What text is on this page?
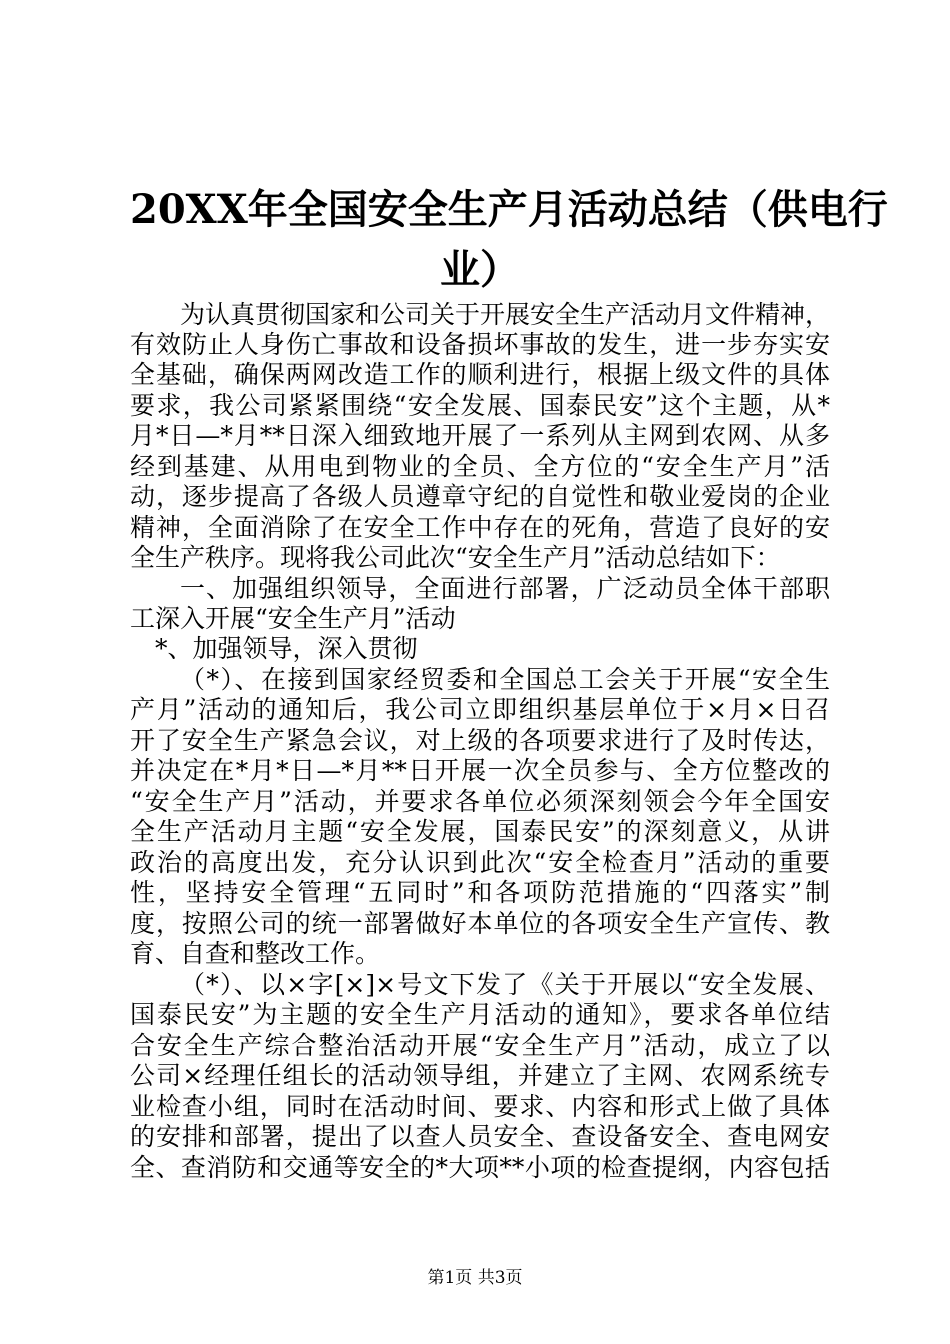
20XX年全国安全生产月活动总结（供电行
业）
为认真贯彻国家和公司关于开展安全生产活动月文件精神，
有效防止人身伤亡事故和设备损坏事故的发生，进一步夯实安
全基础，确保两网改造工作的顺利进行，根据上级文件的具体
要求，我公司紧紧围绕“安全发展、国泰民安”这个主题，从*
月*日—*月**日深入细致地开展了一系列从主网到农网、从多
经到基建、从用电到物业的全员、全方位的“安全生产月”活
动，逐步提高了各级人员遵章守纪的自觉性和敬业爱岗的企业
精神，全面消除了在安全工作中存在的死角，营造了良好的安
全生产秩序。现将我公司此次“安全生产月”活动总结如下：
一、加强组织领导，全面进行部署，广泛动员全体干部职
工深入开展“安全生产月”活动
*、加强领导，深入贯彻
（*）、在接到国家经贸委和全国总工会关于开展“安全生
产月”活动的通知后，我公司立即组织基层单位于×月×日召
开了安全生产紧急会议，对上级的各项要求进行了及时传达，
并决定在*月*日—*月**日开展一次全员参与、全方位整改的
“安全生产月”活动，并要求各单位必须深刻领会今年全国安
全生产活动月主题“安全发展，国泰民安”的深刻意义，从讲
政治的高度出发，充分认识到此次“安全检查月”活动的重要
性，坚持安全管理“五同时”和各项防范措施的“四落实”制
度，按照公司的统一部署做好本单位的各项安全生产宣传、教
育、自查和整改工作。
（*）、以×字[×]×号文下发了《关于开展以“安全发展、
国泰民安”为主题的安全生产月活动的通知》，要求各单位结
合安全生产综合整治活动开展“安全生产月”活动，成立了以
公司×经理任组长的活动领导组，并建立了主网、农网系统专
业检查小组，同时在活动时间、要求、内容和形式上做了具体
的安排和部署，提出了以查人员安全、查设备安全、查电网安
全、查消防和交通等安全的*大项**小项的检查提纲，内容包括
第1页 共3页
